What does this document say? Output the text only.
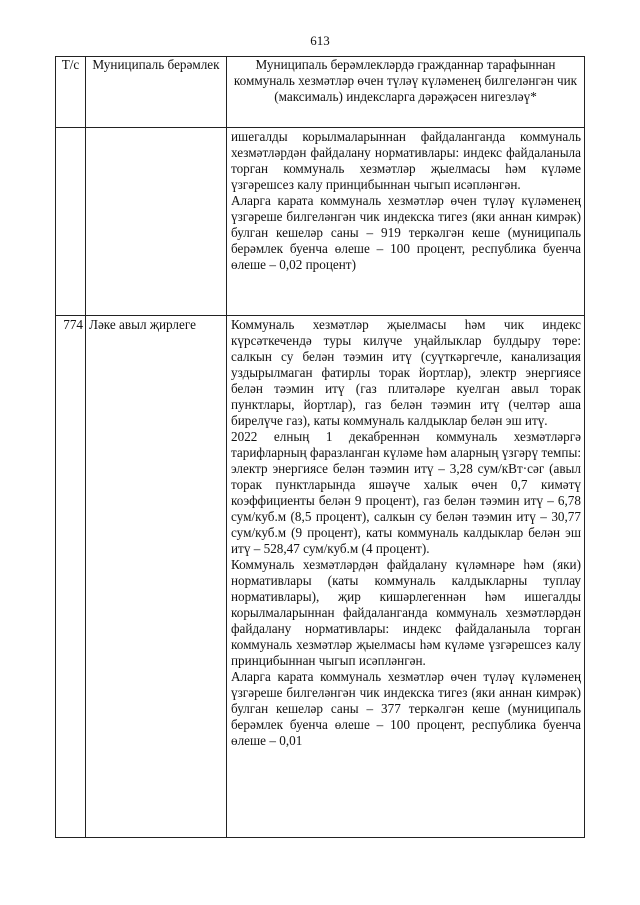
613
Т/с	Муниципаль берәмлек	Муниципаль берәмлекләрдә гражданнар тарафыннан коммуналь хезмәтләр өчен түләү күләменең билгеләнгән чик (максималь) индексларга дәрәҗәсен нигезләү*

		ишегалды корылмаларыннан файдаланганда коммуналь хезмәтләрдән файдалану нормативлары: индекс файдаланыла торган коммуналь хезмәтләр җыелмасы һәм күләме үзгәрешсез калу принцибыннан чыгып исәпләнгән.

Аларга карата коммуналь хезмәтләр өчен түләү күләменең үзгәреше билгеләнгән чик индекска тигез (яки аннан кимрәк) булган кешеләр саны – 919 теркәлгән кеше (муниципаль берәмлек буенча өлеше – 100 процент, республика буенча өлеше – 0,02 процент)

774	Ләке авыл җирлеге	Коммуналь хезмәтләр җыелмасы һәм чик индекс күрсәткечендә туры килүче уңайлыклар булдыру төре: салкын су белән тәэмин итү (суүткәргечле, канализация уздырылмаган фатирлы торак йортлар), электр энергиясе белән тәэмин итү (газ плитәләре куелган авыл торак пунктлары, йортлар), газ белән тәэмин итү (челтәр аша бирелүче газ), каты коммуналь калдыклар белән эш итү.

2022 елның 1 декабреннән коммуналь хезмәтләргә тарифларның фаразланган күләме һәм аларның үзгәрү темпы: электр энергиясе белән тәэмин итү – 3,28 сум/кВт·сәг (авыл торак пунктларында яшәүче халык өчен 0,7 кимәтү коэффициенты белән 9 процент), газ белән тәэмин итү – 6,78 сум/куб.м (8,5 процент), салкын су белән тәэмин итү – 30,77 сум/куб.м (9 процент), каты коммуналь калдыклар белән эш итү – 528,47 сум/куб.м (4 процент).

Коммуналь хезмәтләрдән файдалану күләмнәре һәм (яки) нормативлары (каты коммуналь калдыкларны туплау нормативлары), җир кишәрлегеннән һәм ишегалды корылмаларыннан файдаланганда коммуналь хезмәтләрдән файдалану нормативлары: индекс файдаланыла торган коммуналь хезмәтләр җыелмасы һәм күләме үзгәрешсез калу принцибыннан чыгып исәпләнгән.

Аларга карата коммуналь хезмәтләр өчен түләү күләменең үзгәреше билгеләнгән чик индекска тигез (яки аннан кимрәк) булган кешеләр саны – 377 теркәлгән кеше (муниципаль берәмлек буенча өлеше – 100 процент, республика буенча өлеше – 0,01
